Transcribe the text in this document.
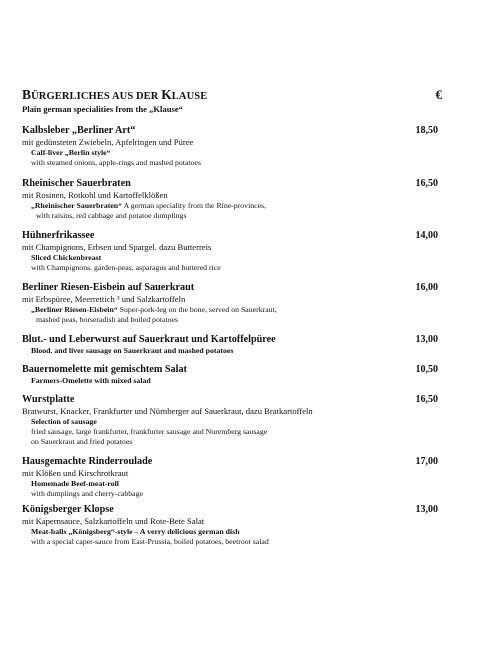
BÜRGERLICHES AUS DER KLAUSE
Plain german specialities from the „Klause“
€
Kalbsleber „Berliner Art“	18,50
mit gedünsteten Zwiebeln, Apfelringen und Püree
Calf-liver „Berlin style“
with steamed onions, apple-rings and mashed potatoes
Rheinischer Sauerbraten	16,50
mit Rosinen, Rotkohl und Kartoffelklößen
„Rheinischer Sauerbraten“ A german speciality from the Rine-provinces,
with raisins, red cabbage and potatoe dumplings
Hühnerfrikassee	14,00
mit Champignons, Erbsen und Spargel. dazu Butterreis
Sliced Chickenbreast
with Champignons. garden-peas, asparagus and buttered rice
Berliner Riesen-Eisbein auf Sauerkraut	16,00
mit Erbspüree, Meerrettich ³ und Salzkartoffeln
„Berliner Riesen-Eisbein“ Super-pork-leg on the bone, served on Sauerkraut,
mashed peas, horseradish and boiled potatoes
Blut.- und Leberwurst auf Sauerkraut und Kartoffelpüree	13,00
Blood. and liver sausage on Sauerkraut and mashed potatoes
Bauernomelette mit gemischtem Salat	10,50
Farmers-Omelette with mixed salad
Wurstplatte	16,50
Bratwurst, Knacker, Frankfurter und Nürnberger auf Sauerkraut, dazu Bratkartoffeln
Selection of sausage
fried sausage, large frankfurter, frankfurter sausage and Nuremberg sausage
on Sauerkraut and fried potatoes
Hausgemachte Rinderroulade	17,00
mit Klößen und Kirschrotkraut
Homemade Beef-meat-roll
with dumplings and cherry-cabbage
Königsberger Klopse	13,00
mit Kapernsauce, Salzkartoffeln und Rote-Bete Salat
Meat-balls „Königsberg“-style – A verry delicious german dish
with a special caper-sauce from East-Prussia, boiled potatoes, beetroot salad
